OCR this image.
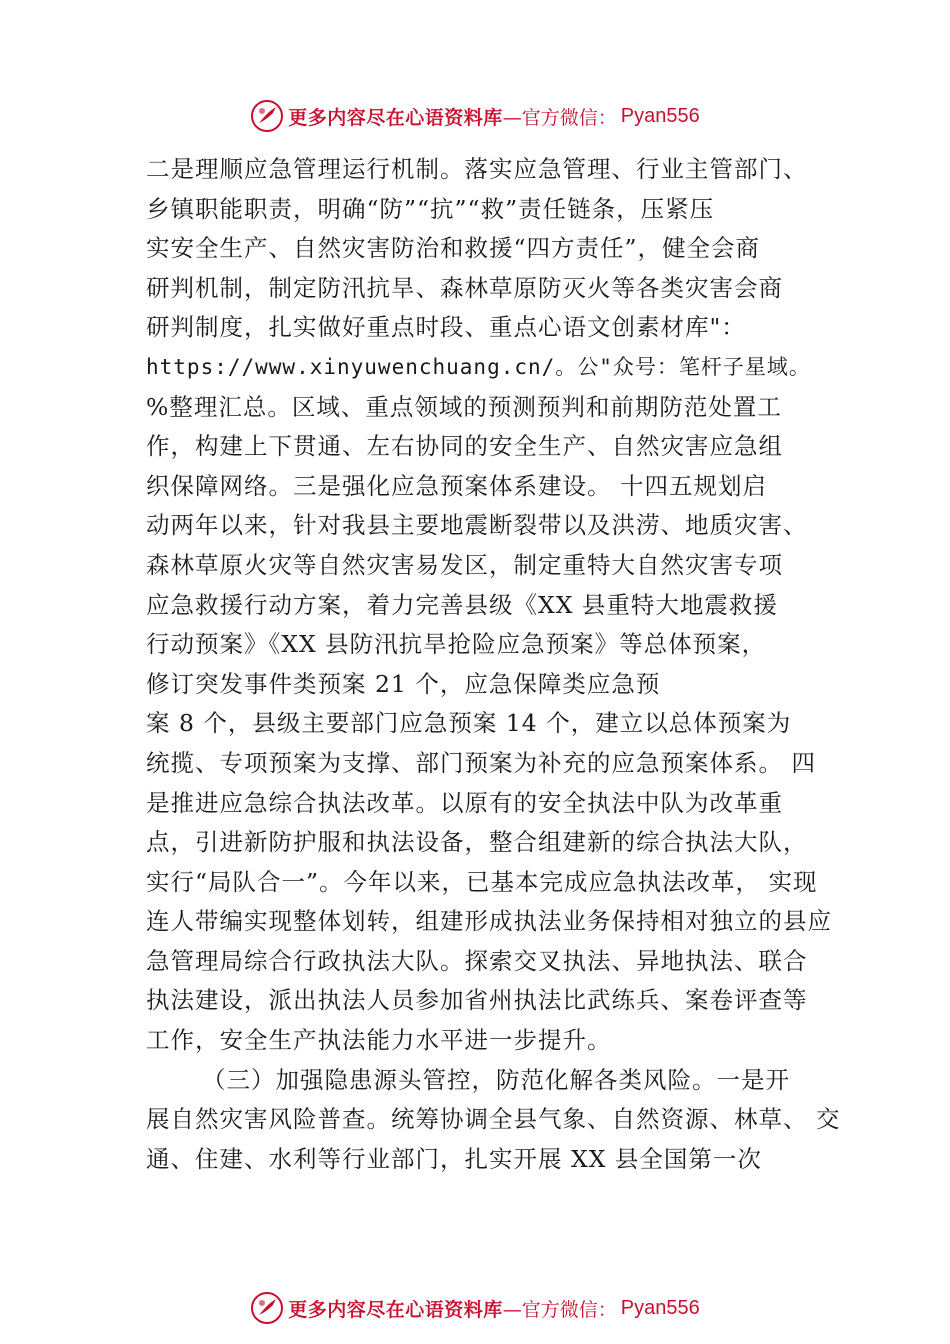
更多内容尽在心语资料库 —官方微信： Pyan556
二是理顺应急管理运行机制。落实应急管理、行业主管部门、
乡镇职能职责，明确“防”“抗”“救”责任链条，压紧压
实安全生产、自然灾害防治和救援“四方责任”，健全会商
研判机制，制定防汛抗旱、森林草原防灭火等各类灾害会商
研判制度，扎实做好重点时段、重点心语文创素材库"：
https://www.xinyuwenchuang.cn/。公"众号：笔杆子星域。
%整理汇总。区域、重点领域的预测预判和前期防范处置工
作，构建上下贯通、左右协同的安全生产、自然灾害应急组
织保障网络。三是强化应急预案体系建设。 十四五规划启
动两年以来，针对我县主要地震断裂带以及洪涝、地质灾害、
森林草原火灾等自然灾害易发区，制定重特大自然灾害专项
应急救援行动方案，着力完善县级《XX 县重特大地震救援
行动预案》《XX 县防汛抗旱抢险应急预案》等总体预案，
修订突发事件类预案 21 个，应急保障类应急预
案 8 个，县级主要部门应急预案 14 个，建立以总体预案为
统揽、专项预案为支撑、部门预案为补充的应急预案体系。 四
是推进应急综合执法改革。以原有的安全执法中队为改革重
点，引进新防护服和执法设备，整合组建新的综合执法大队，
实行“局队合一”。今年以来，已基本完成应急执法改革， 实现
连人带编实现整体划转，组建形成执法业务保持相对独立的县应
急管理局综合行政执法大队。探索交叉执法、异地执法、联合
执法建设，派出执法人员参加省州执法比武练兵、案卷评查等
工作，安全生产执法能力水平进一步提升。
（三）加强隐患源头管控，防范化解各类风险。一是开
展自然灾害风险普查。统筹协调全县气象、自然资源、林草、 交
通、住建、水利等行业部门，扎实开展 XX 县全国第一次
更多内容尽在心语资料库 —官方微信： Pyan556
